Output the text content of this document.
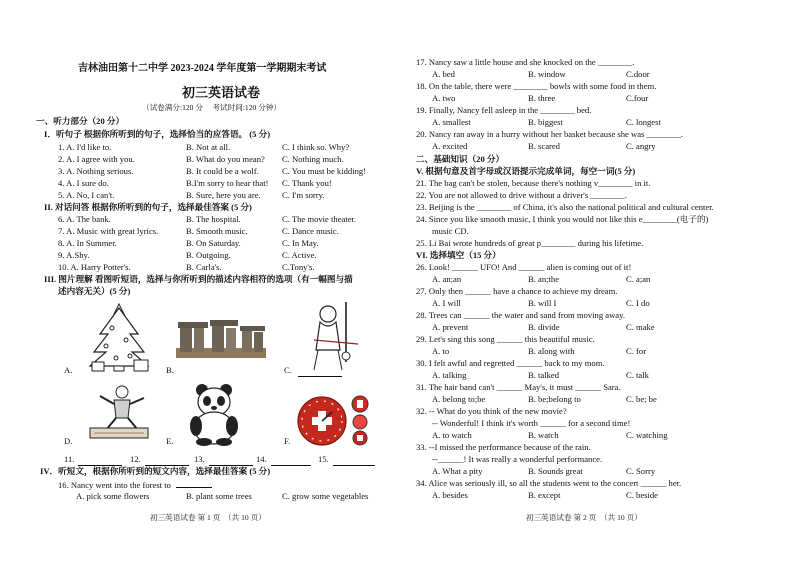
吉林油田第十二中学 2023-2024 学年度第一学期期末考试
初三英语试卷
（试卷满分:120 分　 考试时间:120 分钟）
一、听力部分（20 分）
I．听句子 根据你所听到的句子，选择恰当的应答语。 (5 分)
1. A. I'd like to.	B. Not at all.	C. I think so. Why?
2. A. I agree with you.	B. What do you mean? C. Nothing much.
3. A. Nothing serious.	B. It could be a wolf.	C. You must be kidding!
4. A. I sure do.	B.I'm sorry to hear that! C. Thank you!
5. A. No, I can't.	B. Sure, here you are. C. I'm sorry.
II. 对话问答 根据你所听到的句子，选择最佳答案 (5 分)
6. A. The bank.	B. The hospital.	C. The movie theater.
7. A. Music with great lyrics.	B. Smooth music.	C. Dance music.
8. A. In Summer.	B. On Saturday.	C. In May.
9. A.Shy.	B. Outgoing.	C. Active.
10. A. Harry Potter's.	B. Carla's.	C.Tony's.
III. 图片理解 看图听短语，选择与你所听到的描述内容相符的选项（有一幅图与描
述内容无关）(5 分)
A.	B.	C.
D.	E.	F.
11.	12.	13.	14.	15.
IV．听短文，根据你所听到的短文内容，选择最佳答案 (5 分)
16. Nancy went into the forest to
A. pick some flowers	B. plant some trees	C. grow some vegetables
初三英语试卷 第 1 页　（共 10 页）
17. Nancy saw a little house and she knocked on the ________.
A. bed	B. window	C.door
18. On the table, there were ________ bowls with some food in them.
A. two	B. three	C.four
19. Finally, Nancy fell asleep in the ________ bed.
A. smallest	B. biggest	C. longest
20. Nancy ran away in a hurry without her basket because she was ________.
A. excited	B. scared	C. angry
二、基础知识（20 分）
V. 根据句意及首字母或汉语提示完成单词，每空一词(5 分)
21. The bag can't be stolen, because there's nothing v________ in it.
22. You are not allowed to drive without a driver's ________.
23. Beijing is the ________ of China, it's also the national political and cultural center.
24. Since you like smooth music, I think you would not like this e________(电子的)
music CD.
25. Li Bai wrote hundreds of great p________ during his lifetime.
VI. 选择填空（15 分）
26. Look! ______ UFO! And ______ alien is coming out of it!
A. an;an	B. an;the	C. a;an
27. Only then ______ have a chance to achieve my dream.
A. I will	B. will I	C. I do
28. Trees can ______ the water and sand from moving away.
A. prevent	B. divide	C. make
29. Let's sing this song ______ this beautiful music.
A. to	B. along with	C. for
30. I felt awful and regretted ______ back to my mom.
A. talking	B. talked	C. talk
31. The hair band can't ______ May's, it must ______ Sara.
A. belong to;be	B. be;belong to	C. be; be
32. -- What do you think of the new movie?
-- Wonderful! I think it's worth ______ for a second time!
A. to watch	B. watch	C. watching
33. --I missed the performance because of the rain.
--______! It was really a wonderful performance.
A. What a pity	B. Sounds great	C. Sorry
34. Alice was seriously ill, so all the students went to the concert ______ her.
A. besides	B. except	C. beside
初三英语试卷 第 2 页　（共 10 页）
